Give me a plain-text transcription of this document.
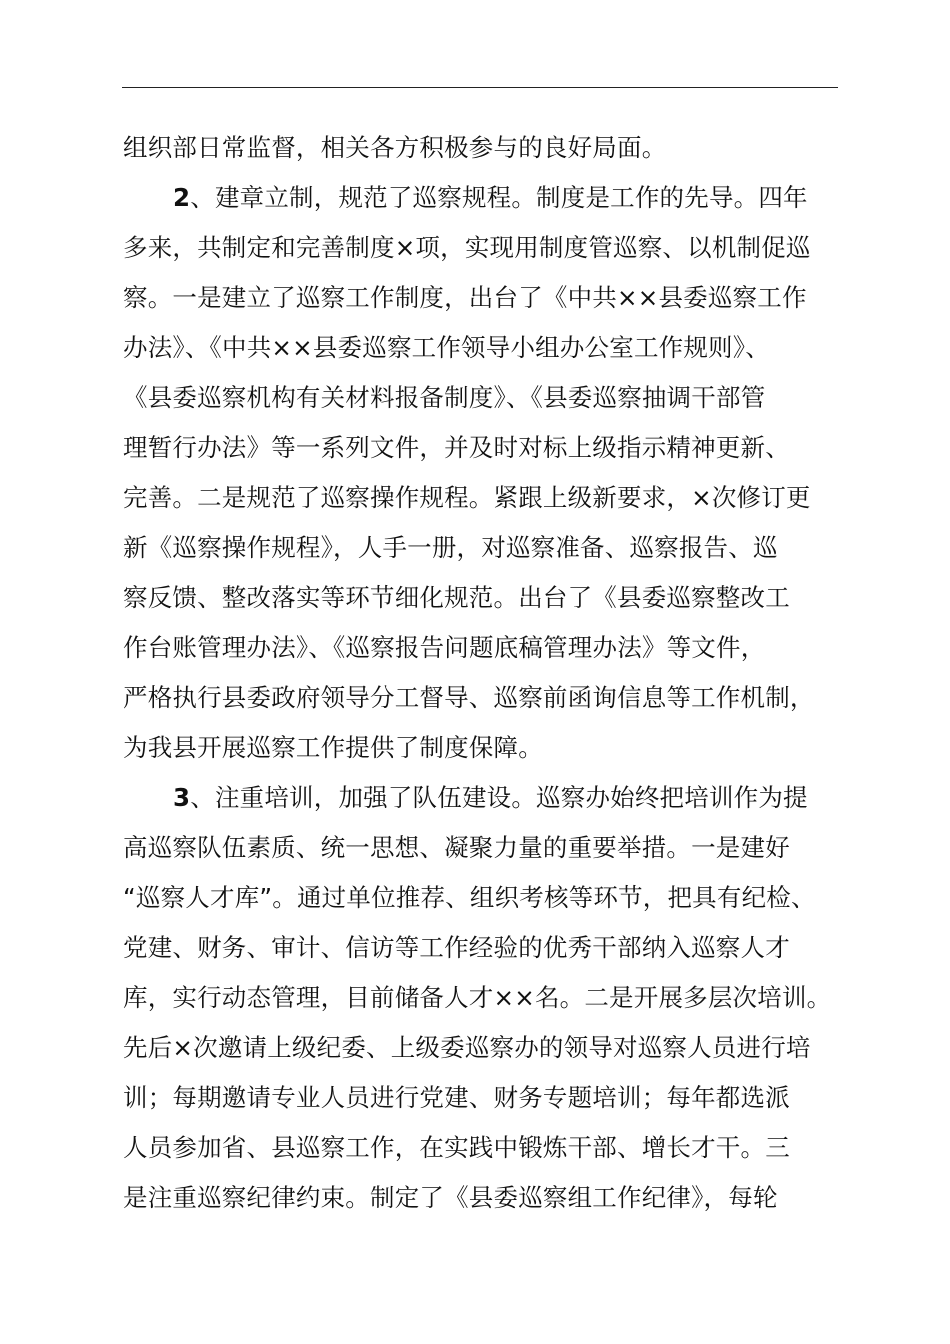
组织部日常监督，相关各方积极参与的良好局面。
2、建章立制，规范了巡察规程。制度是工作的先导。四年
多来，共制定和完善制度×项，实现用制度管巡察、以机制促巡
察。一是建立了巡察工作制度，出台了《中共××县委巡察工作
办法》、《中共××县委巡察工作领导小组办公室工作规则》、
《县委巡察机构有关材料报备制度》、《县委巡察抽调干部管
理暂行办法》等一系列文件，并及时对标上级指示精神更新、
完善。二是规范了巡察操作规程。紧跟上级新要求，×次修订更
新《巡察操作规程》，人手一册，对巡察准备、巡察报告、巡
察反馈、整改落实等环节细化规范。出台了《县委巡察整改工
作台账管理办法》、《巡察报告问题底稿管理办法》等文件，
严格执行县委政府领导分工督导、巡察前函询信息等工作机制，
为我县开展巡察工作提供了制度保障。
3、注重培训，加强了队伍建设。巡察办始终把培训作为提
高巡察队伍素质、统一思想、凝聚力量的重要举措。一是建好
“巡察人才库”。通过单位推荐、组织考核等环节，把具有纪检、
党建、财务、审计、信访等工作经验的优秀干部纳入巡察人才
库，实行动态管理，目前储备人才××名。二是开展多层次培训。
先后×次邀请上级纪委、上级委巡察办的领导对巡察人员进行培
训；每期邀请专业人员进行党建、财务专题培训；每年都选派
人员参加省、县巡察工作，在实践中锻炼干部、增长才干。三
是注重巡察纪律约束。制定了《县委巡察组工作纪律》，每轮
